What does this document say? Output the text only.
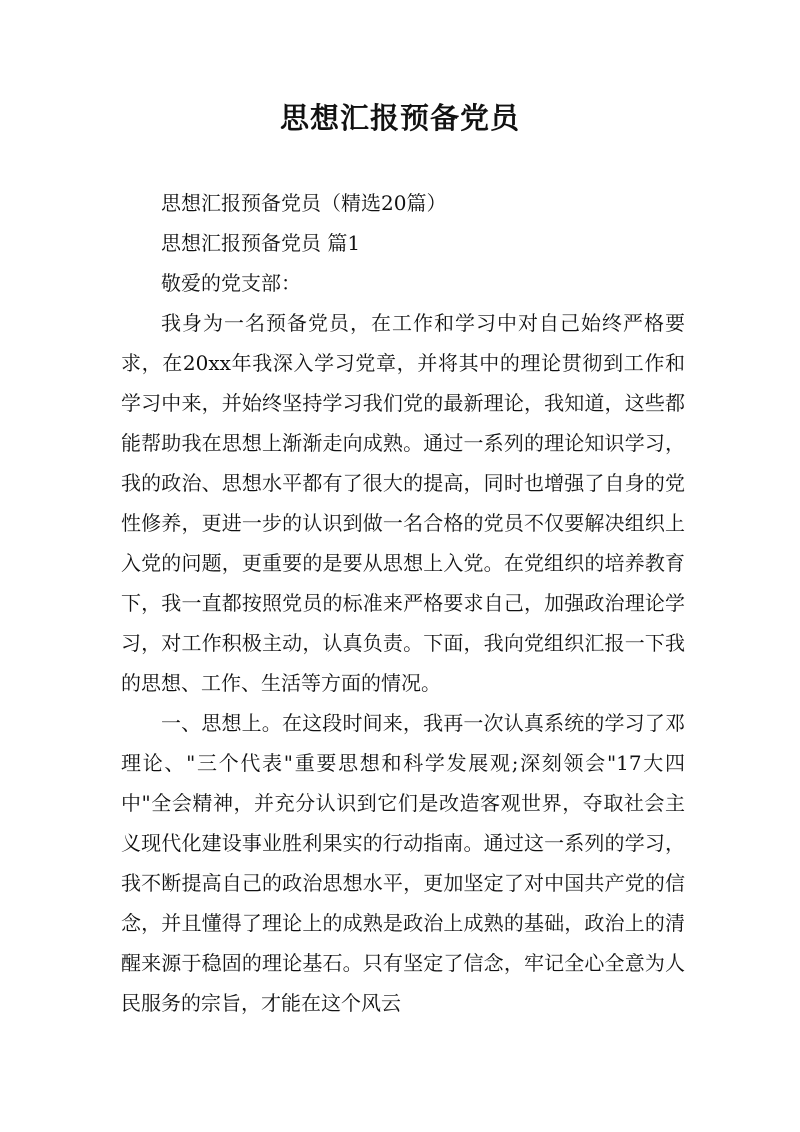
思想汇报预备党员

思想汇报预备党员（精选20篇）

思想汇报预备党员 篇1

敬爱的党支部：

我身为一名预备党员，在工作和学习中对自己始终严格要求，在20xx年我深入学习党章，并将其中的理论贯彻到工作和学习中来，并始终坚持学习我们党的最新理论，我知道，这些都能帮助我在思想上渐渐走向成熟。通过一系列的理论知识学习，我的政治、思想水平都有了很大的提高，同时也增强了自身的党性修养，更进一步的认识到做一名合格的党员不仅要解决组织上入党的问题，更重要的是要从思想上入党。在党组织的培养教育下，我一直都按照党员的标准来严格要求自己，加强政治理论学习，对工作积极主动，认真负责。下面，我向党组织汇报一下我的思想、工作、生活等方面的情况。

一、思想上。在这段时间来，我再一次认真系统的学习了邓理论、"三个代表"重要思想和科学发展观;深刻领会"17大四中"全会精神，并充分认识到它们是改造客观世界，夺取社会主义现代化建设事业胜利果实的行动指南。通过这一系列的学习，我不断提高自己的政治思想水平，更加坚定了对中国共产党的信念，并且懂得了理论上的成熟是政治上成熟的基础，政治上的清醒来源于稳固的理论基石。只有坚定了信念，牢记全心全意为人民服务的宗旨，才能在这个风云
